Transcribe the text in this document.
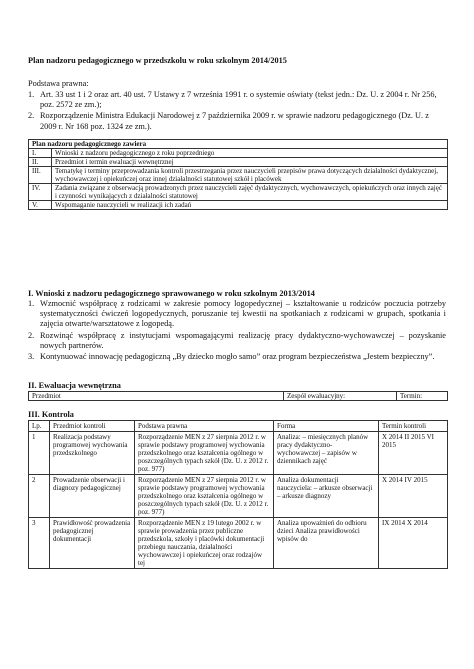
Plan nadzoru pedagogicznego w przedszkolu w roku szkolnym 2014/2015
Podstawa prawna:
1. Art. 33 ust 1 i 2 oraz art. 40 ust. 7 Ustawy z 7 września 1991 r. o systemie oświaty (tekst jedn.: Dz. U. z 2004 r. Nr 256, poz. 2572 ze zm.);
2. Rozporządzenie Ministra Edukacji Narodowej z 7 października 2009 r. w sprawie nadzoru pedagogicznego (Dz. U. z 2009 r. Nr 168 poz. 1324 ze zm.).
Plan nadzoru pedagogicznego zawiera	
I.	Wnioski z nadzoru pedagogicznego z roku poprzedniego
II.	Przedmiot i termin ewaluacji wewnętrznej
III.	Tematykę i terminy przeprowadzania kontroli przestrzegania przez nauczycieli przepisów prawa dotyczących działalności dydaktycznej, wychowawczej i opiekuńczej oraz innej działalności statutowej szkół i placówek
IV.	Zadania związane z obserwacją prowadzonych przez nauczycieli zajęć dydaktycznych, wychowawczych, opiekuńczych oraz innych zajęć i czynności wynikających z działalności statutowej
V.	Wspomaganie nauczycieli w realizacji ich zadań
I. Wnioski z nadzoru pedagogicznego sprawowanego w roku szkolnym 2013/2014
1. Wzmocnić współpracę z rodzicami w zakresie pomocy logopedycznej – kształtowanie u rodziców poczucia potrzeby systematyczności ćwiczeń logopedycznych, poruszanie tej kwestii na spotkaniach z rodzicami w grupach, spotkania i zajęcia otwarte/warsztatowe z logopedą.
2. Rozwinąć współpracę z instytucjami wspomagającymi realizację pracy dydaktyczno-wychowawczej – pozyskanie nowych partnerów.
3. Kontynuować innowację pedagogiczną „By dziecko mogło samo” oraz program bezpieczeństwa „Jestem bezpieczny”.
II. Ewaluacja wewnętrzna
Przedmiot	Zespół ewaluacyjny:	Termin:
III. Kontrola
Lp.	Przedmiot kontroli	Podstawa prawna	Forma	Termin kontroli
1	Realizacja podstawy programowej wychowania przedszkolnego	Rozporządzenie MEN z 27 sierpnia 2012 r. w sprawie podstawy programowej wychowania przedszkolnego oraz kształcenia ogólnego w poszczególnych typach szkół (Dz. U. z 2012 r. poz. 977)	Analiza: – miesięcznych planów pracy dydaktyczno-wychowawczej – zapisów w dziennikach zajęć	X 2014 II 2015 VI 2015
2	Prowadzenie obserwacji i diagnozy pedagogicznej	Rozporządzenie MEN z 27 sierpnia 2012 r. w sprawie podstawy programowej wychowania przedszkolnego oraz kształcenia ogólnego w poszczególnych typach szkół (Dz. U. z 2012 r. poz. 977)	Analiza dokumentacji nauczyciela: – arkusze obserwacji – arkusze diagnozy	X 2014 IV 2015
3	Prawidłowość prowadzenia pedagogicznej dokumentacji	Rozporządzenie MEN z 19 lutego 2002 r. w sprawie prowadzenia przez publiczne przedszkola, szkoły i placówki dokumentacji przebiegu nauczania, działalności wychowawczej i opiekuńczej oraz rodzajów tej	Analiza upoważnień do odbioru dzieci Analiza prawidłowości wpisów do	IX 2014 X 2014
